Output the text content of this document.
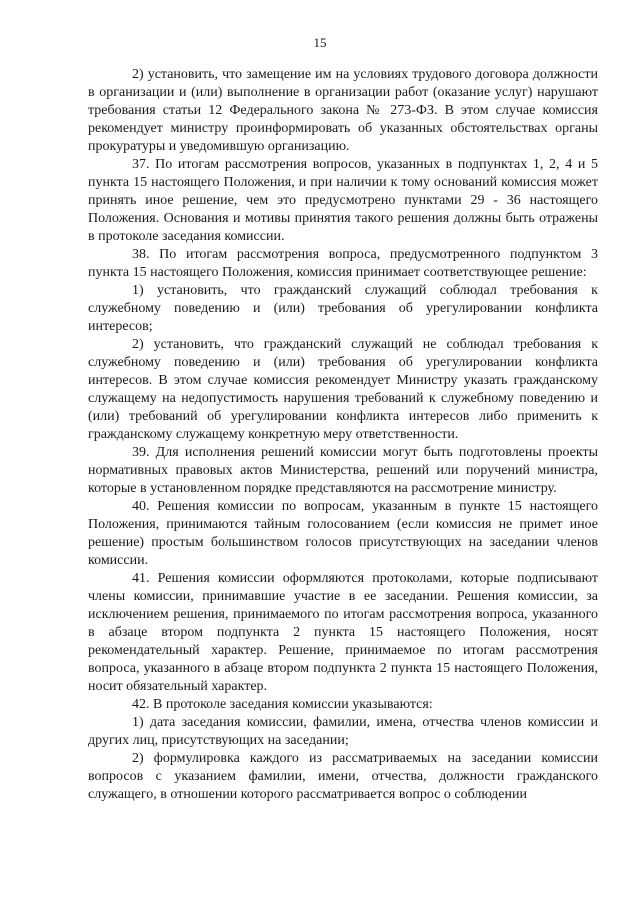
15

2) установить, что замещение им на условиях трудового договора должности в организации и (или) выполнение в организации работ (оказание услуг) нарушают требования статьи 12 Федерального закона № 273-ФЗ. В этом случае комиссия рекомендует министру проинформировать об указанных обстоятельствах органы прокуратуры и уведомившую организацию.

37. По итогам рассмотрения вопросов, указанных в подпунктах 1, 2, 4 и 5 пункта 15 настоящего Положения, и при наличии к тому оснований комиссия может принять иное решение, чем это предусмотрено пунктами 29 - 36 настоящего Положения. Основания и мотивы принятия такого решения должны быть отражены в протоколе заседания комиссии.

38. По итогам рассмотрения вопроса, предусмотренного подпунктом 3 пункта 15 настоящего Положения, комиссия принимает соответствующее решение:

1) установить, что гражданский служащий соблюдал требования к служебному поведению и (или) требования об урегулировании конфликта интересов;

2) установить, что гражданский служащий не соблюдал требования к служебному поведению и (или) требования об урегулировании конфликта интересов. В этом случае комиссия рекомендует Министру указать гражданскому служащему на недопустимость нарушения требований к служебному поведению и (или) требований об урегулировании конфликта интересов либо применить к гражданскому служащему конкретную меру ответственности.

39. Для исполнения решений комиссии могут быть подготовлены проекты нормативных правовых актов Министерства, решений или поручений министра, которые в установленном порядке представляются на рассмотрение министру.

40. Решения комиссии по вопросам, указанным в пункте 15 настоящего Положения, принимаются тайным голосованием (если комиссия не примет иное решение) простым большинством голосов присутствующих на заседании членов комиссии.

41. Решения комиссии оформляются протоколами, которые подписывают члены комиссии, принимавшие участие в ее заседании. Решения комиссии, за исключением решения, принимаемого по итогам рассмотрения вопроса, указанного в абзаце втором подпункта 2 пункта 15 настоящего Положения, носят рекомендательный характер. Решение, принимаемое по итогам рассмотрения вопроса, указанного в абзаце втором подпункта 2 пункта 15 настоящего Положения, носит обязательный характер.

42. В протоколе заседания комиссии указываются:

1) дата заседания комиссии, фамилии, имена, отчества членов комиссии и других лиц, присутствующих на заседании;

2) формулировка каждого из рассматриваемых на заседании комиссии вопросов с указанием фамилии, имени, отчества, должности гражданского служащего, в отношении которого рассматривается вопрос о соблюдении
